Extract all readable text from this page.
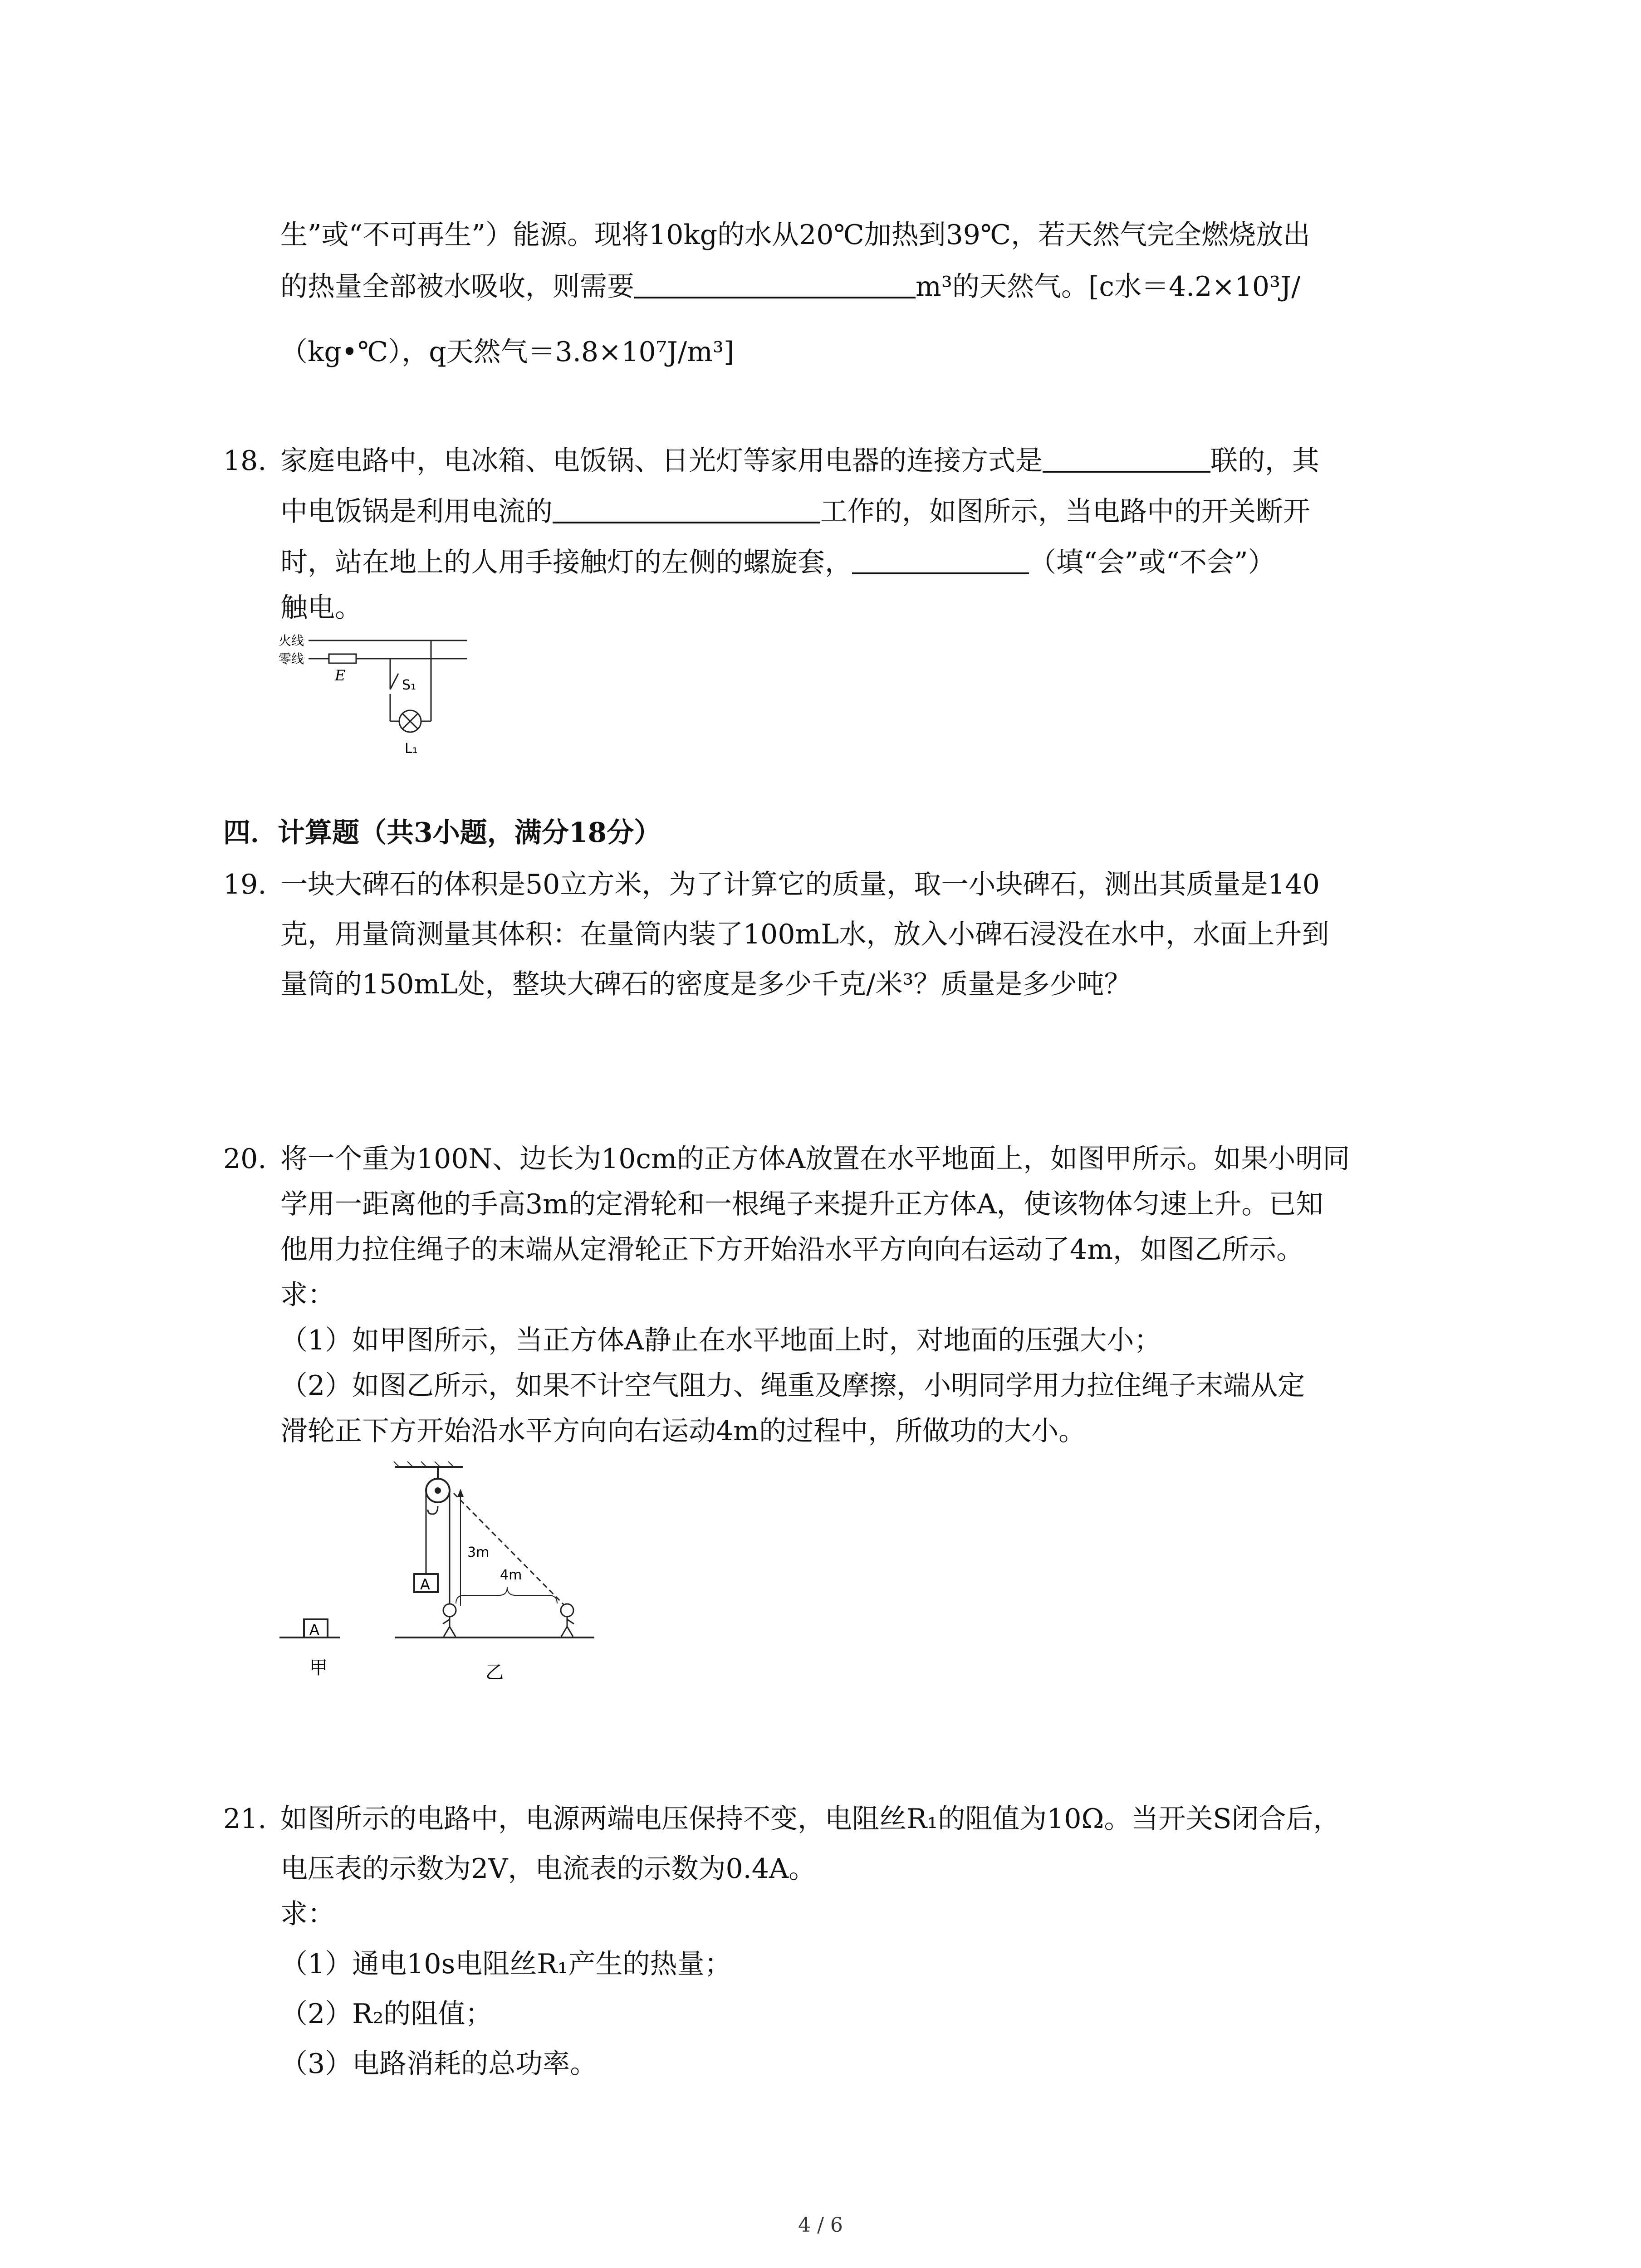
生”或“不可再生”）能源。现将10kg的水从20℃加热到39℃，若天然气完全燃烧放出
的热量全部被水吸收，则需要	m³的天然气。[c水＝4.2×10³J/
（kg•℃），q天然气＝3.8×10⁷J/m³]
18. 家庭电路中，电冰箱、电饭锅、日光灯等家用电器的连接方式是	联的，其
中电饭锅是利用电流的	工作的，如图所示，当电路中的开关断开
时，站在地上的人用手接触灯的左侧的螺旋套，	（填“会”或“不会”）
触电。
火线
零线
E
S₁
L₁
四．计算题（共3小题，满分18分）
19. 一块大碑石的体积是50立方米，为了计算它的质量，取一小块碑石，测出其质量是140
克，用量筒测量其体积：在量筒内装了100mL水，放入小碑石浸没在水中，水面上升到
量筒的150mL处，整块大碑石的密度是多少千克/米³？质量是多少吨？
20. 将一个重为100N、边长为10cm的正方体A放置在水平地面上，如图甲所示。如果小明同
学用一距离他的手高3m的定滑轮和一根绳子来提升正方体A，使该物体匀速上升。已知
他用力拉住绳子的末端从定滑轮正下方开始沿水平方向向右运动了4m，如图乙所示。
求：
（1）如甲图所示，当正方体A静止在水平地面上时，对地面的压强大小；
（2）如图乙所示，如果不计空气阻力、绳重及摩擦，小明同学用力拉住绳子末端从定
滑轮正下方开始沿水平方向向右运动4m的过程中，所做功的大小。
A
甲
A
3m
4m
乙
21. 如图所示的电路中，电源两端电压保持不变，电阻丝R₁的阻值为10Ω。当开关S闭合后，
电压表的示数为2V，电流表的示数为0.4A。
求：
（1）通电10s电阻丝R₁产生的热量；
（2）R₂的阻值；
（3）电路消耗的总功率。
4 / 6
